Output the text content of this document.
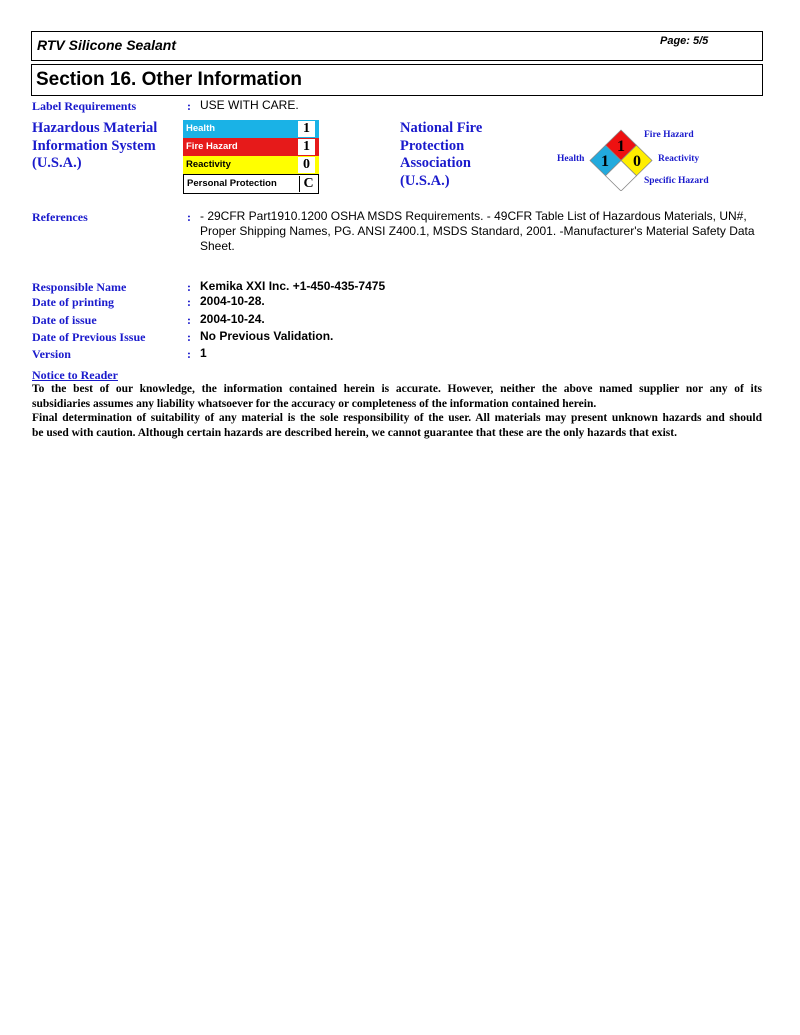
RTV Silicone Sealant	Page: 5/5
Section 16. Other Information
Label Requirements	: USE WITH CARE.
Hazardous Material
Information System
(U.S.A.)
Health	1
Fire Hazard	1
Reactivity	0
Personal Protection	C
National Fire
Protection
Association
(U.S.A.)
1
1 0
Fire Hazard
Health	Reactivity
Specific Hazard
References	: - 29CFR Part1910.1200 OSHA MSDS Requirements. - 49CFR Table List of Hazardous Materials, UN#,
Proper Shipping Names, PG. ANSI Z400.1, MSDS Standard, 2001. -Manufacturer's Material Safety Data
Sheet.
Responsible Name	: Kemika XXI Inc. +1-450-435-7475
Date of printing	: 2004-10-28.
Date of issue	: 2004-10-24.
Date of Previous Issue	: No Previous Validation.
Version	: 1
Notice to Reader
To the best of our knowledge, the information contained herein is accurate. However, neither the above named supplier nor any of its
subsidiaries assumes any liability whatsoever for the accuracy or completeness of the information contained herein.
Final determination of suitability of any material is the sole responsibility of the user. All materials may present unknown hazards and should
be used with caution. Although certain hazards are described herein, we cannot guarantee that these are the only hazards that exist.
